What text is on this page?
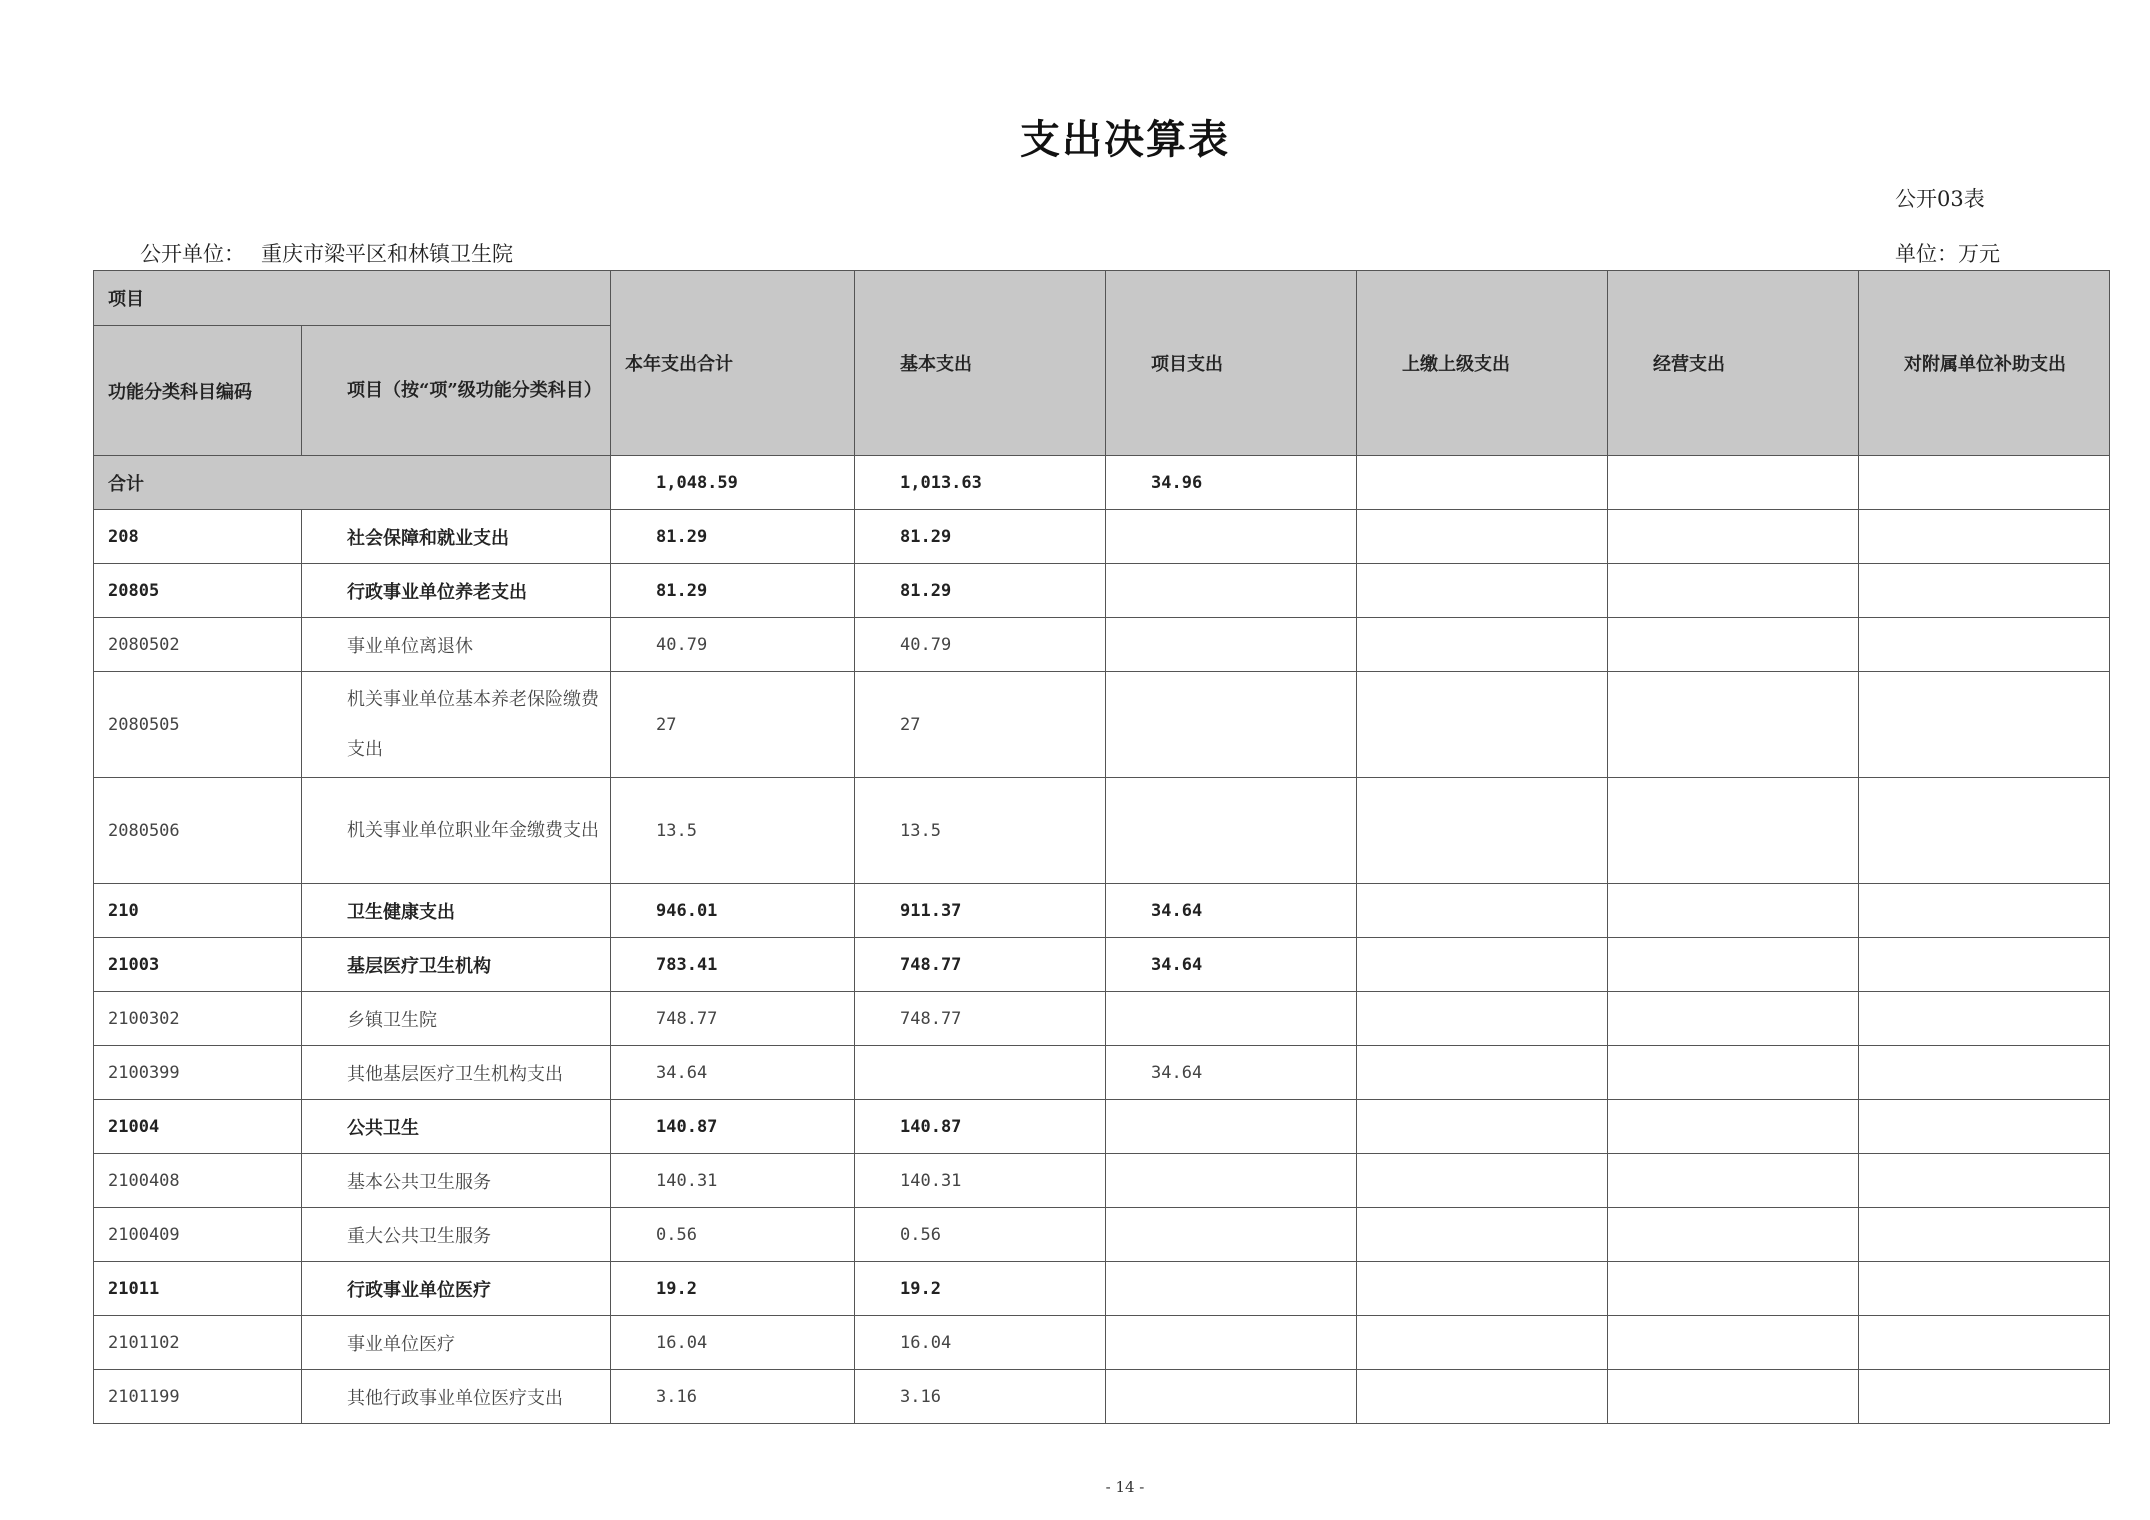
支出决算表
公开03表
公开单位： 重庆市梁平区和林镇卫生院	单位：万元
项目		本年支出合计	基本支出	项目支出	上缴上级支出	经营支出	对附属单位补助支出
功能分类科目编码	项目（按“项”级功能分类科目）						
合计		1,048.59	1,013.63	34.96			
208	社会保障和就业支出	81.29	81.29				
20805	行政事业单位养老支出	81.29	81.29				
2080502	事业单位离退休	40.79	40.79				
2080505	机关事业单位基本养老保险缴费支出	27	27				
2080506	机关事业单位职业年金缴费支出	13.5	13.5				
210	卫生健康支出	946.01	911.37	34.64			
21003	基层医疗卫生机构	783.41	748.77	34.64			
2100302	乡镇卫生院	748.77	748.77				
2100399	其他基层医疗卫生机构支出	34.64		34.64			
21004	公共卫生	140.87	140.87				
2100408	基本公共卫生服务	140.31	140.31				
2100409	重大公共卫生服务	0.56	0.56				
21011	行政事业单位医疗	19.2	19.2				
2101102	事业单位医疗	16.04	16.04				
2101199	其他行政事业单位医疗支出	3.16	3.16				
- 14 -
